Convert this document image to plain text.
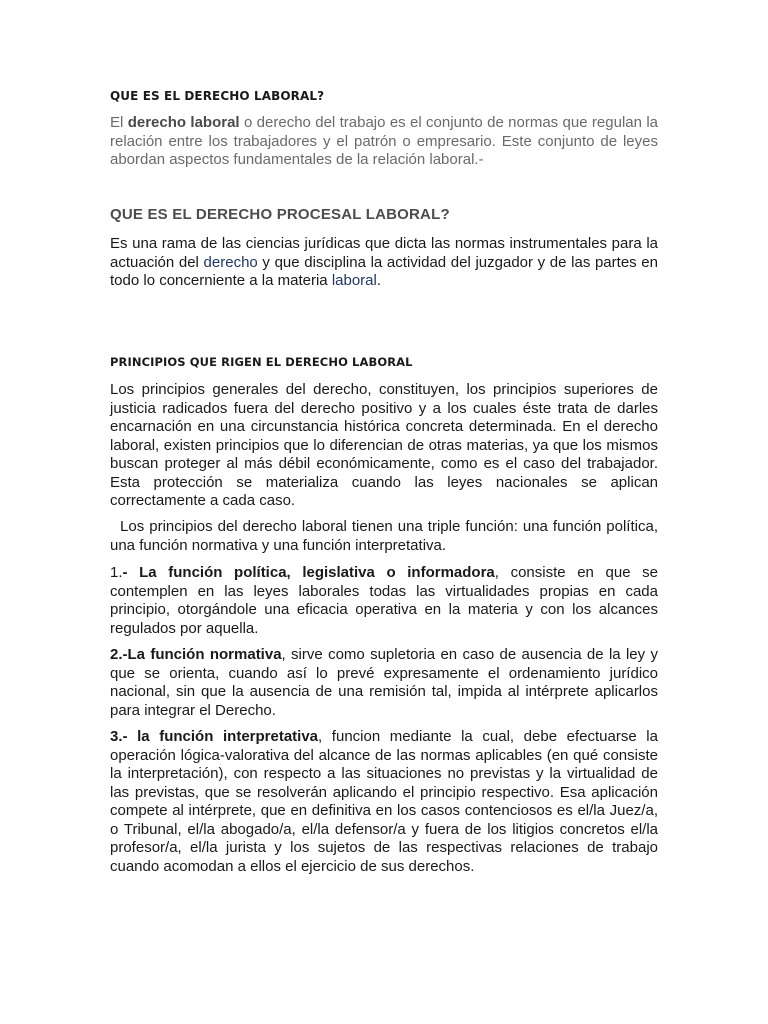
QUE ES EL DERECHO LABORAL?

El derecho laboral o derecho del trabajo es el conjunto de normas que regulan la relación entre los trabajadores y el patrón o empresario. Este conjunto de leyes abordan aspectos fundamentales de la relación laboral.-

QUE ES EL DERECHO PROCESAL LABORAL?

Es una rama de las ciencias jurídicas que dicta las normas instrumentales para la actuación del derecho y que disciplina la actividad del juzgador y de las partes en todo lo concerniente a la materia laboral.

PRINCIPIOS QUE RIGEN EL DERECHO LABORAL

Los principios generales del derecho, constituyen, los principios superiores de justicia radicados fuera del derecho positivo y a los cuales éste trata de darles encarnación en una circunstancia histórica concreta determinada. En el derecho laboral, existen principios que lo diferencian de otras materias, ya que los mismos buscan proteger al más débil económicamente, como es el caso del trabajador. Esta protección se materializa cuando las leyes nacionales se aplican correctamente a cada caso.

Los principios del derecho laboral tienen una triple función: una función política, una función normativa y una función interpretativa.

1.- La función política, legislativa o informadora, consiste en que se contemplen en las leyes laborales todas las virtualidades propias en cada principio, otorgándole una eficacia operativa en la materia y con los alcances regulados por aquella.

2.-La función normativa, sirve como supletoria en caso de ausencia de la ley y que se orienta, cuando así lo prevé expresamente el ordenamiento jurídico nacional, sin que la ausencia de una remisión tal, impida al intérprete aplicarlos para integrar el Derecho.

3.- la función interpretativa, funcion mediante la cual, debe efectuarse la operación lógica-valorativa del alcance de las normas aplicables (en qué consiste la interpretación), con respecto a las situaciones no previstas y la virtualidad de las previstas, que se resolverán aplicando el principio respectivo. Esa aplicación compete al intérprete, que en definitiva en los casos contenciosos es el/la Juez/a, o Tribunal, el/la abogado/a, el/la defensor/a y fuera de los litigios concretos el/la profesor/a, el/la jurista y los sujetos de las respectivas relaciones de trabajo cuando acomodan a ellos el ejercicio de sus derechos.
